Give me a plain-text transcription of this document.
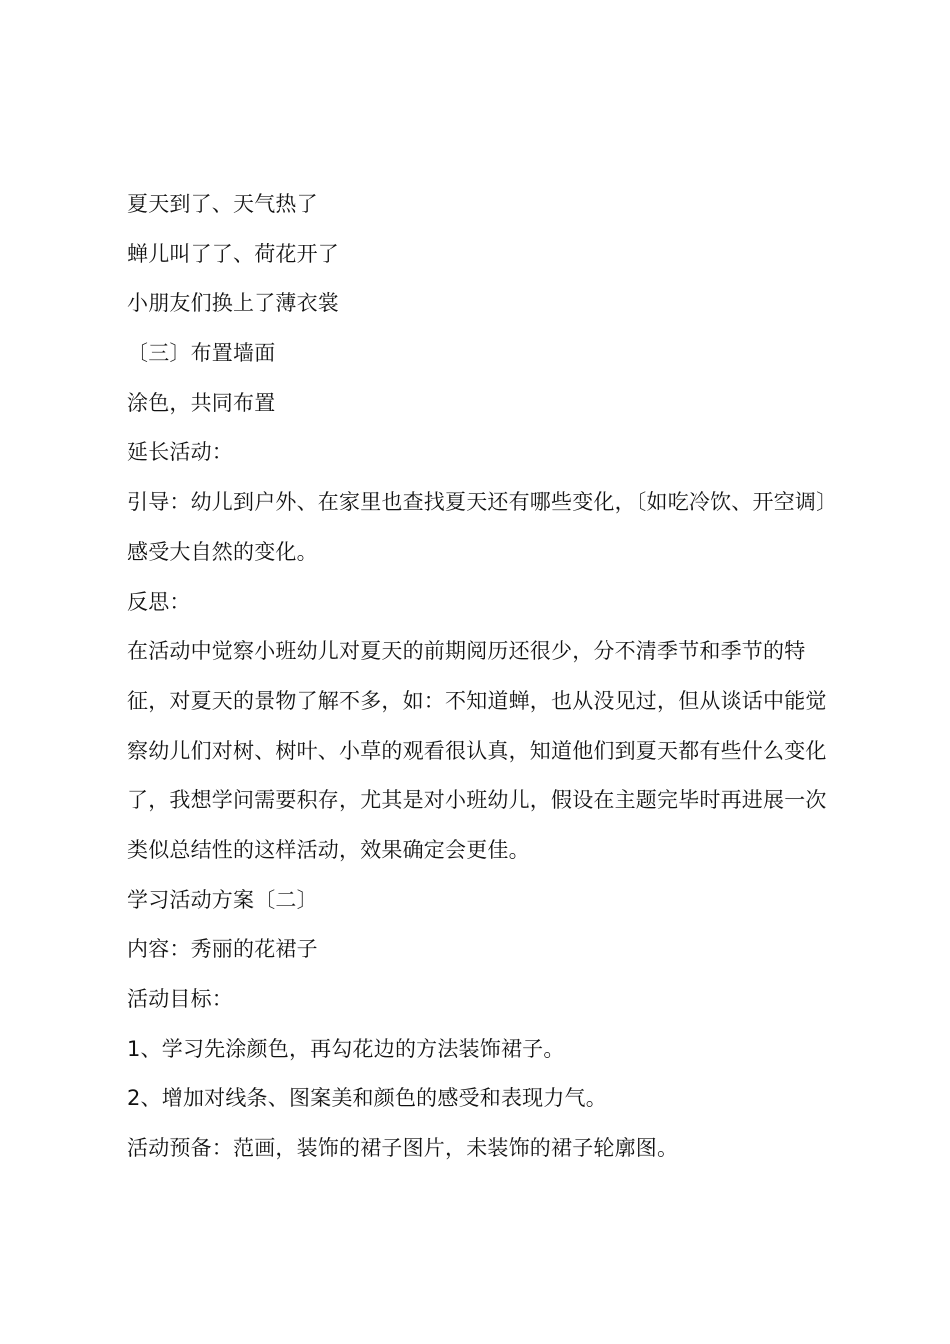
夏天到了、天气热了
蝉儿叫了了、荷花开了
小朋友们换上了薄衣裳
〔三〕布置墙面
涂色，共同布置
延长活动：

引导：幼儿到户外、在家里也查找夏天还有哪些变化，〔如吃冷饮、开空调〕感受大自然的变化。

反思：

在活动中觉察小班幼儿对夏天的前期阅历还很少，分不清季节和季节的特征，对夏天的景物了解不多，如：不知道蝉，也从没见过，但从谈话中能觉察幼儿们对树、树叶、小草的观看很认真，知道他们到夏天都有些什么变化了，我想学问需要积存，尤其是对小班幼儿，假设在主题完毕时再进展一次类似总结性的这样活动，效果确定会更佳。

学习活动方案〔二〕
内容：秀丽的花裙子
活动目标：
1、学习先涂颜色，再勾花边的方法装饰裙子。
2、增加对线条、图案美和颜色的感受和表现力气。
活动预备：范画，装饰的裙子图片，未装饰的裙子轮廓图。
